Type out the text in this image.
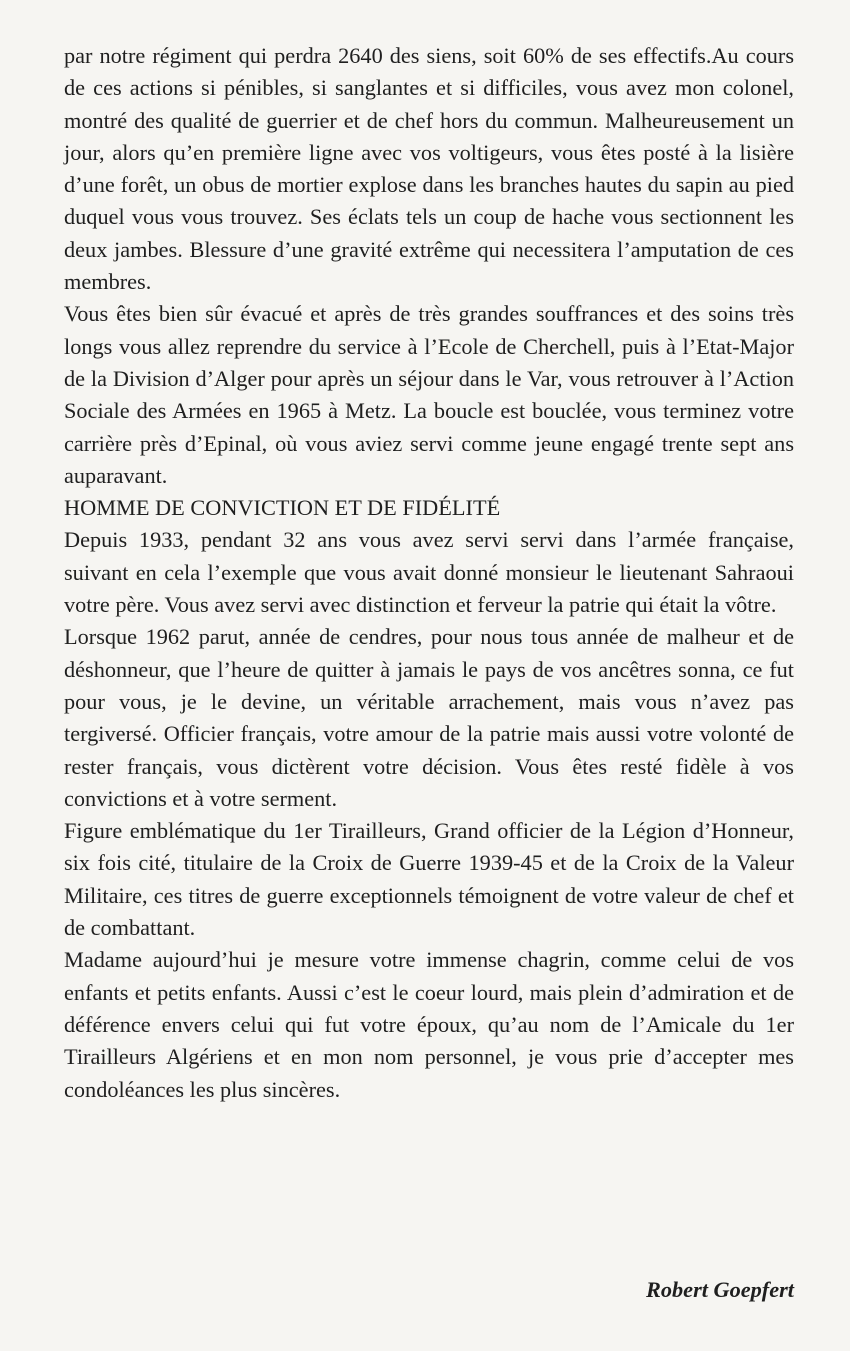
par notre régiment qui perdra 2640 des siens, soit 60% de ses effectifs.Au cours de ces actions si pénibles, si sanglantes et si difficiles, vous avez mon colonel, montré des qualité de guerrier et de chef hors du commun. Malheureusement un jour, alors qu’en première ligne avec vos voltigeurs, vous êtes posté à la lisière d’une forêt, un obus de mortier explose dans les branches hautes du sapin au pied duquel vous vous trouvez. Ses éclats tels un coup de hache vous sectionnent les deux jambes. Blessure d’une gravité extrême qui necessitera l’amputation de ces membres.

Vous êtes bien sûr évacué et après de très grandes souffrances et des soins très longs vous allez reprendre du service à l’Ecole de Cherchell, puis à l’Etat-Major de la Division d’Alger pour après un séjour dans le Var, vous retrouver à l’Action Sociale des Armées en 1965 à Metz. La boucle est bouclée, vous terminez votre carrière près d’Epinal, où vous aviez servi comme jeune engagé trente sept ans auparavant.

HOMME DE CONVICTION ET DE FIDÉLITÉ

Depuis 1933, pendant 32 ans vous avez servi servi dans l’armée française, suivant en cela l’exemple que vous avait donné monsieur le lieutenant Sahraoui votre père. Vous avez servi avec distinction et ferveur la patrie qui était la vôtre.

Lorsque 1962 parut, année de cendres, pour nous tous année de malheur et de déshonneur, que l’heure de quitter à jamais le pays de vos ancêtres sonna, ce fut pour vous, je le devine, un véritable arrachement, mais vous n’avez pas tergiversé. Officier français, votre amour de la patrie mais aussi votre volonté de rester français, vous dictèrent votre décision. Vous êtes resté fidèle à vos convictions et à votre serment.

Figure emblématique du 1er Tirailleurs, Grand officier de la Légion d’Honneur, six fois cité, titulaire de la Croix de Guerre 1939-45 et de la Croix de la Valeur Militaire, ces titres de guerre exceptionnels témoignent de votre valeur de chef et de combattant.

Madame aujourd’hui je mesure votre immense chagrin, comme celui de vos enfants et petits enfants. Aussi c’est le coeur lourd, mais plein d’admiration et de déférence envers celui qui fut votre époux, qu’au nom de l’Amicale du 1er Tirailleurs Algériens et en mon nom personnel, je vous prie d’accepter mes condoléances les plus sincères.

Robert Goepfert
